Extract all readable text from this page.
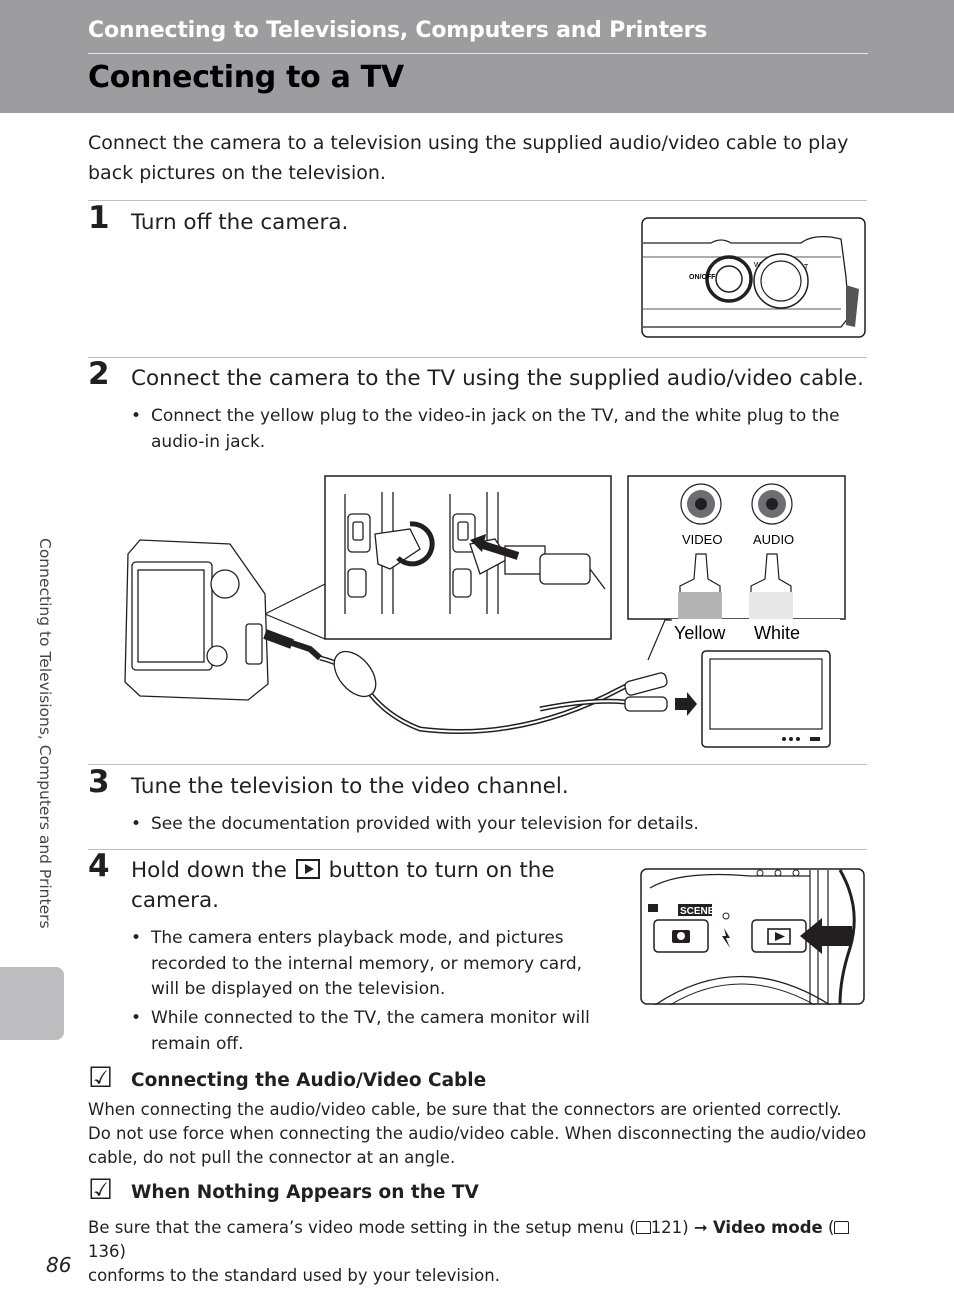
Connecting to Televisions, Computers and Printers
Connecting to a TV
Connect the camera to a television using the supplied audio/video cable to play back pictures on the television.
1 Turn off the camera.
ON/OFF
W	T
2 Connect the camera to the TV using the supplied audio/video cable.
• Connect the yellow plug to the video-in jack on the TV, and the white plug to the audio-in jack.
VIDEO AUDIO
Yellow White
3 Tune the television to the video channel.
• See the documentation provided with your television for details.
4 Hold down the button to turn on the
camera.
• The camera enters playback mode, and pictures recorded to the internal memory, or memory card, will be displayed on the television.
• While connected to the TV, the camera monitor will remain off.
SCENE
☑ Connecting the Audio/Video Cable
When connecting the audio/video cable, be sure that the connectors are oriented correctly. Do not use force when connecting the audio/video cable. When disconnecting the audio/video cable, do not pull the connector at an angle.
☑ When Nothing Appears on the TV
Be sure that the camera’s video mode setting in the setup menu ( 121) ➞ Video mode (136)
conforms to the standard used by your television.
Connecting to Televisions, Computers and Printers
86
